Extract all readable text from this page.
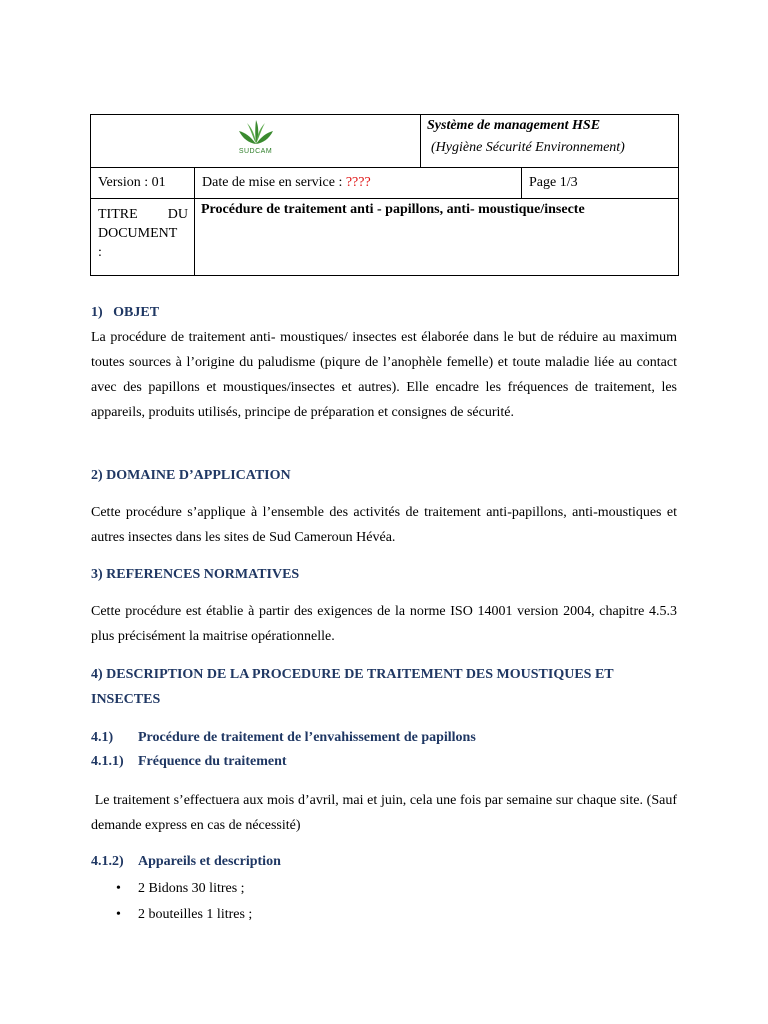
SUDCAM		Système de management HSE
(Hygiène Sécurité Environnement)	

Version : 01	Date de mise en service : ????		Page 1/3

TITRE DU
DOCUMENT
:	Procédure de traitement anti - papillons, anti- moustique/insecte		
1)   OBJET
La procédure de traitement anti- moustiques/ insectes est élaborée dans le but de réduire au maximum toutes sources à l’origine du paludisme (piqure de l’anophèle femelle) et toute maladie liée au contact avec des papillons et moustiques/insectes et autres). Elle encadre les fréquences de traitement, les appareils, produits utilisés, principe de préparation et consignes de sécurité.
2) DOMAINE D’APPLICATION
Cette procédure s’applique à l’ensemble des activités de traitement anti-papillons, anti-moustiques et autres insectes dans les sites de Sud Cameroun Hévéa.
3) REFERENCES NORMATIVES
Cette procédure est établie à partir des exigences de la norme ISO 14001 version 2004, chapitre 4.5.3 plus précisément la maitrise opérationnelle.
4) DESCRIPTION DE LA PROCEDURE DE TRAITEMENT DES MOUSTIQUES ET INSECTES
4.1) Procédure de traitement de l’envahissement de papillons
4.1.1) Fréquence du traitement
Le traitement s’effectuera aux mois d’avril, mai et juin, cela une fois par semaine sur chaque site. (Sauf demande express en cas de nécessité)
4.1.2) Appareils et description
• 2 Bidons 30 litres ;
• 2 bouteilles 1 litres ;
